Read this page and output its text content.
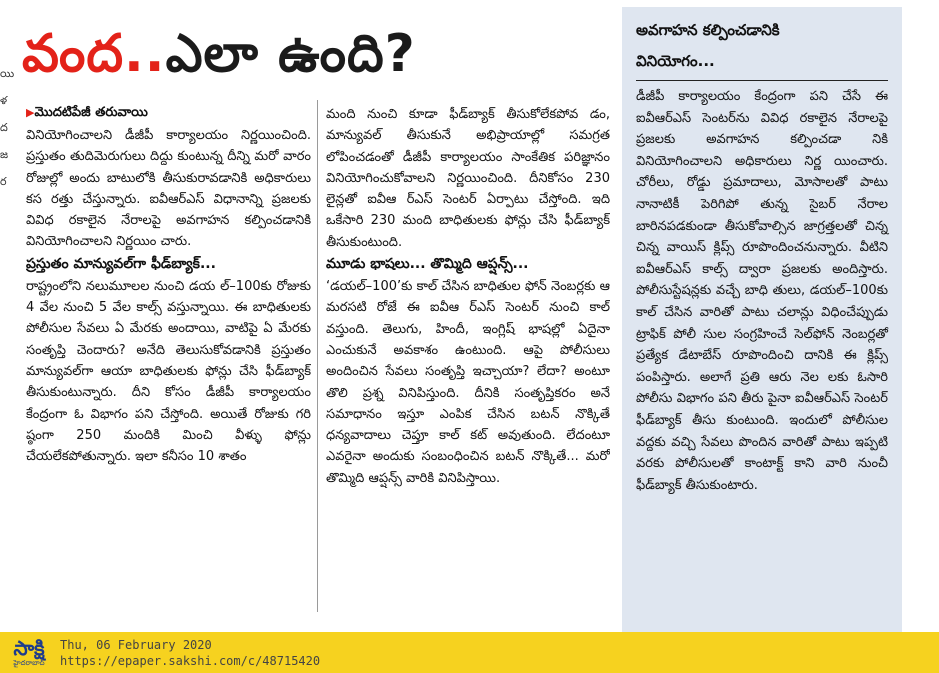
యి
ళ
ద
జ
ర
వంద..ఎలా ఉంది?
▶మొదటిపేజీ తరువాయి

వినియోగించాలని డీజీపీ కార్యాలయం నిర్ణయించింది. ప్రస్తుతం తుదిమెరుగులు దిద్దు కుంటున్న దీన్ని మరో వారం రోజుల్లో అందు బాటులోకి తీసుకురావడానికి అధికారులు కస రత్తు చేస్తున్నారు. ఐవీఆర్ఎస్ విధానాన్ని ప్రజలకు వివిధ రకాలైన నేరాలపై అవగాహన కల్పించడానికి వినియోగించాలని నిర్ణయిం చారు.

ప్రస్తుతం మాన్యువల్‌గా ఫీడ్‌బ్యాక్...

రాష్ట్రంలోని నలుమూలల నుంచి డయ ల్‌–100కు రోజుకు 4 వేల నుంచి 5 వేల కాల్స్ వస్తున్నాయి. ఈ బాధితులకు పోలీసుల సేవలు ఏ మేరకు అందాయి, వాటిపై ఏ మేరకు సంతృప్తి చెందారు? అనేది తెలుసుకోవడానికి ప్రస్తుతం మాన్యువల్‌గా ఆయా బాధితులకు ఫోన్లు చేసి ఫీడ్‌బ్యాక్ తీసుకుంటున్నారు. దీని కోసం డీజీపీ కార్యాలయం కేంద్రంగా ఓ విభాగం పని చేస్తోంది. అయితే రోజుకు గరి ష్ఠంగా 250 మందికి మించి వీళ్ళు ఫోన్లు చేయలేకపోతున్నారు. ఇలా కనీసం 10 శాతం

మంది నుంచి కూడా ఫీడ్‌బ్యాక్ తీసుకోలేకపోవ డం, మాన్యువల్ తీసుకునే అభిప్రాయాల్లో సమగ్రత లోపించడంతో డీజీపీ కార్యాలయం సాంకేతిక పరిజ్ఞానం వినియోగించుకోవాలని నిర్ణయించింది. దీనికోసం 230 లైన్లతో ఐవీఆ ర్ఎస్ సెంటర్ ఏర్పాటు చేస్తోంది. ఇది ఒకేసారి 230 మంది బాధితులకు ఫోన్లు చేసి ఫీడ్‌బ్యాక్ తీసుకుంటుంది.

మూడు భాషలు... తొమ్మిది ఆప్షన్స్...

‘డయల్‌–100’కు కాల్ చేసిన బాధితుల ఫోన్ నెంబర్లకు ఆ మరసటి రోజే ఈ ఐవీఆ ర్ఎస్ సెంటర్ నుంచి కాల్ వస్తుంది. తెలుగు, హిందీ, ఇంగ్లిష్ భాషల్లో ఏదైనా ఎంచుకునే అవకాశం ఉంటుంది. ఆపై పోలీసులు అందించిన సేవలు సంతృప్తి ఇచ్చాయా? లేదా? అంటూ తొలి ప్రశ్న వినిపిస్తుంది. దీనికి సంతృప్తికరం అనే సమాధానం ఇస్తూ ఎంపిక చేసిన బటన్ నొక్కితే ధన్యవాదాలు చెప్తూ కాల్ కట్ అవుతుంది. లేదంటూ ఎవరైనా అందుకు సంబంధించిన బటన్ నొక్కితే... మరో తొమ్మిది ఆప్షన్స్ వారికి వినిపిస్తాయి.

అవగాహన కల్పించడానికి
వినియోగం...

డీజీపీ కార్యాలయం కేంద్రంగా పని చేసే ఈ ఐవీఆర్ఎస్ సెంటర్‌ను వివిధ రకాలైన నేరాలపై ప్రజలకు అవగాహన కల్పించడా నికి వినియోగించాలని అధికారులు నిర్ణ యించారు. చోరీలు, రోడ్డు ప్రమాదాలు, మోసాలతో పాటు నానాటికీ పెరిగిపో తున్న సైబర్ నేరాల బారినపడకుండా తీసుకోవాల్సిన జాగ్రత్తలతో చిన్న చిన్న వాయిస్ క్లిప్స్ రూపొందించనున్నారు. వీటిని ఐవీఆర్ఎస్ కాల్స్ ద్వారా ప్రజలకు అందిస్తారు. పోలీసుస్టేషన్లకు వచ్చే బాధి తులు, డయల్‌–100కు కాల్ చేసిన వారితో పాటు చలాన్లు విధించేప్పుడు ట్రాఫిక్ పోలీ సుల సంగ్రహించే సెల్‌ఫోన్ నెంబర్లతో ప్రత్యేక డేటాబేస్ రూపొందించి దానికి ఈ క్లిప్స్ పంపిస్తారు. అలాగే ప్రతి ఆరు నెల లకు ఓసారి పోలీసు విభాగం పని తీరు పైనా ఐవీఆర్ఎస్ సెంటర్ ఫీడ్‌బ్యాక్ తీసు కుంటుంది. ఇందులో పోలీసుల వద్దకు వచ్చి సేవలు పొందిన వారితో పాటు ఇప్పటి వరకు పోలీసులతో కాంటాక్ట్ కాని వారి నుంచీ ఫీడ్‌బ్యాక్ తీసుకుంటారు.

సాక్షి
హైదరాబాద్
Thu, 06 February 2020
https://epaper.sakshi.com/c/48715420
